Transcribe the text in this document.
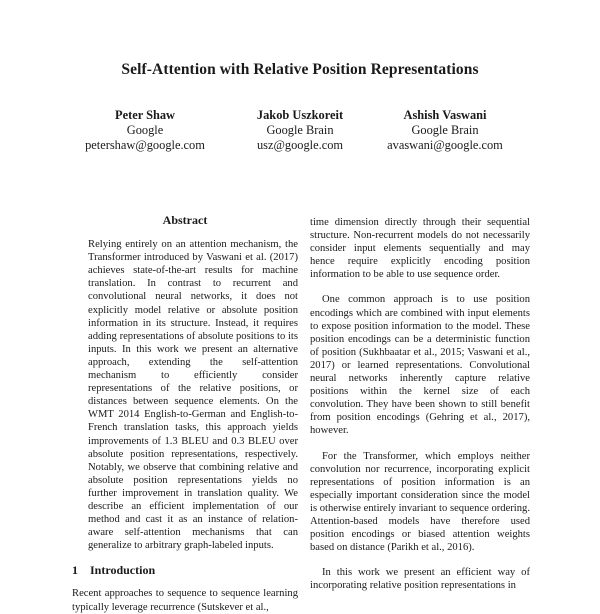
Self-Attention with Relative Position Representations
Peter Shaw
Google
petershaw@google.com
Jakob Uszkoreit
Google Brain
usz@google.com
Ashish Vaswani
Google Brain
avaswani@google.com
Abstract

Relying entirely on an attention mechanism, the Transformer introduced by Vaswani et al. (2017) achieves state-of-the-art results for machine translation. In contrast to recurrent and convolutional neural networks, it does not explicitly model relative or absolute position information in its structure. Instead, it requires adding representations of absolute positions to its inputs. In this work we present an alternative approach, extending the self-attention mechanism to efficiently consider representations of the relative positions, or distances between sequence elements. On the WMT 2014 English-to-German and English-to-French translation tasks, this approach yields improvements of 1.3 BLEU and 0.3 BLEU over absolute position representations, respectively. Notably, we observe that combining relative and absolute position representations yields no further improvement in translation quality. We describe an efficient implementation of our method and cast it as an instance of relation-aware self-attention mechanisms that can generalize to arbitrary graph-labeled inputs.

1 Introduction

Recent approaches to sequence to sequence learning typically leverage recurrence (Sutskever et al.,

time dimension directly through their sequential structure. Non-recurrent models do not necessarily consider input elements sequentially and may hence require explicitly encoding position information to be able to use sequence order.

One common approach is to use position encodings which are combined with input elements to expose position information to the model. These position encodings can be a deterministic function of position (Sukhbaatar et al., 2015; Vaswani et al., 2017) or learned representations. Convolutional neural networks inherently capture relative positions within the kernel size of each convolution. They have been shown to still benefit from position encodings (Gehring et al., 2017), however.

For the Transformer, which employs neither convolution nor recurrence, incorporating explicit representations of position information is an especially important consideration since the model is otherwise entirely invariant to sequence ordering. Attention-based models have therefore used position encodings or biased attention weights based on distance (Parikh et al., 2016).

In this work we present an efficient way of incorporating relative position representations in
